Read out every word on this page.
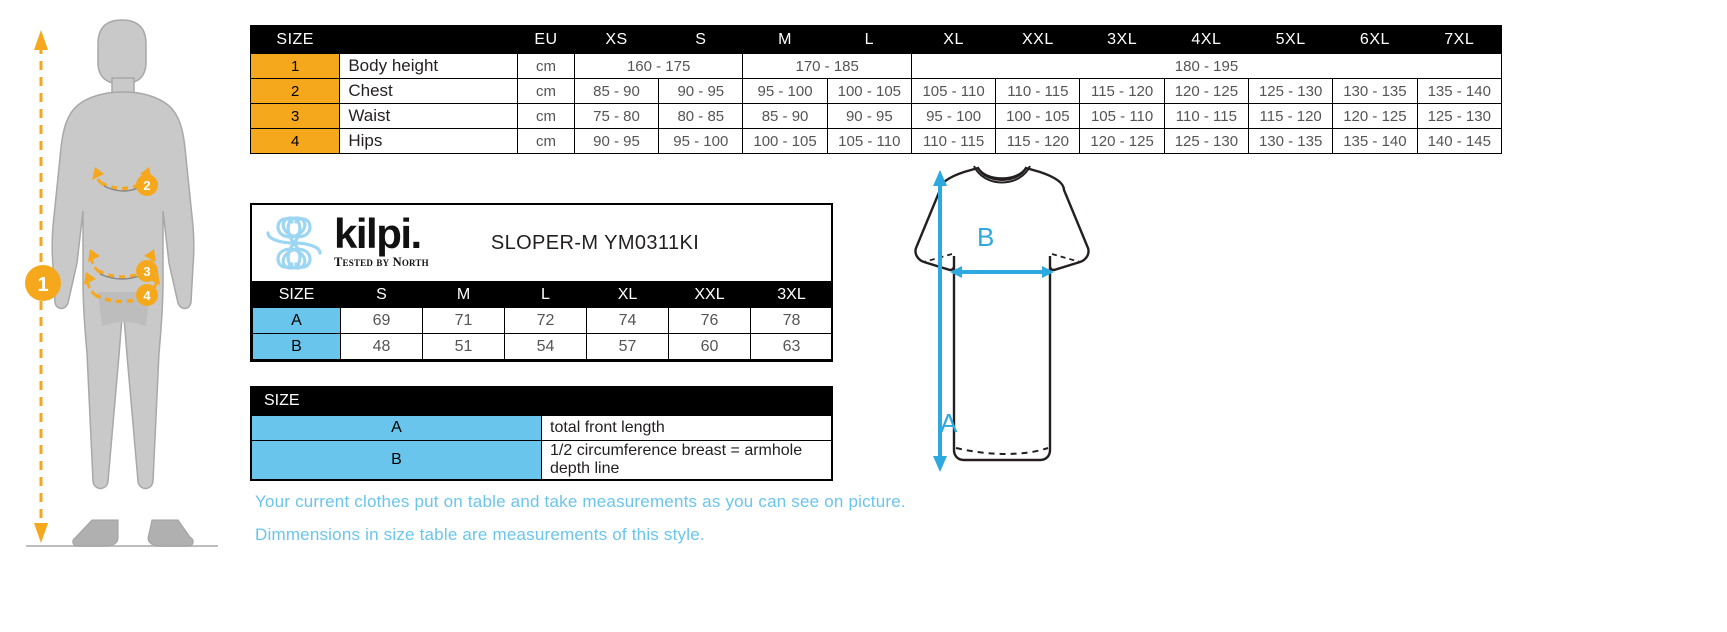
1
2
3
4
SIZE		EU	XS	S	M	L	XL	XXL	3XL	4XL	5XL	6XL	7XL
1	Body height	cm	160 - 175		170 - 185		180 - 195						
2	Chest	cm	85 - 90	90 - 95	95 - 100	100 - 105	105 - 110	110 - 115	115 - 120	120 - 125	125 - 130	130 - 135	135 - 140
3	Waist	cm	75 - 80	80 - 85	85 - 90	90 - 95	95 - 100	100 - 105	105 - 110	110 - 115	115 - 120	120 - 125	125 - 130
4	Hips	cm	90 - 95	95 - 100	100 - 105	105 - 110	110 - 115	115 - 120	120 - 125	125 - 130	130 - 135	135 - 140	140 - 145
kilpi.
Tested by North
SLOPER-M YM0311KI
SIZE	S	M	L	XL	XXL	3XL
A	69	71	72	74	76	78
B	48	51	54	57	60	63
SIZE	
A	total front length
B	1/2 circumference breast = armhole depth line

Your current clothes put on table and take measurements as you can see on picture.

Dimmensions in size table are measurements of this style.

B
A
